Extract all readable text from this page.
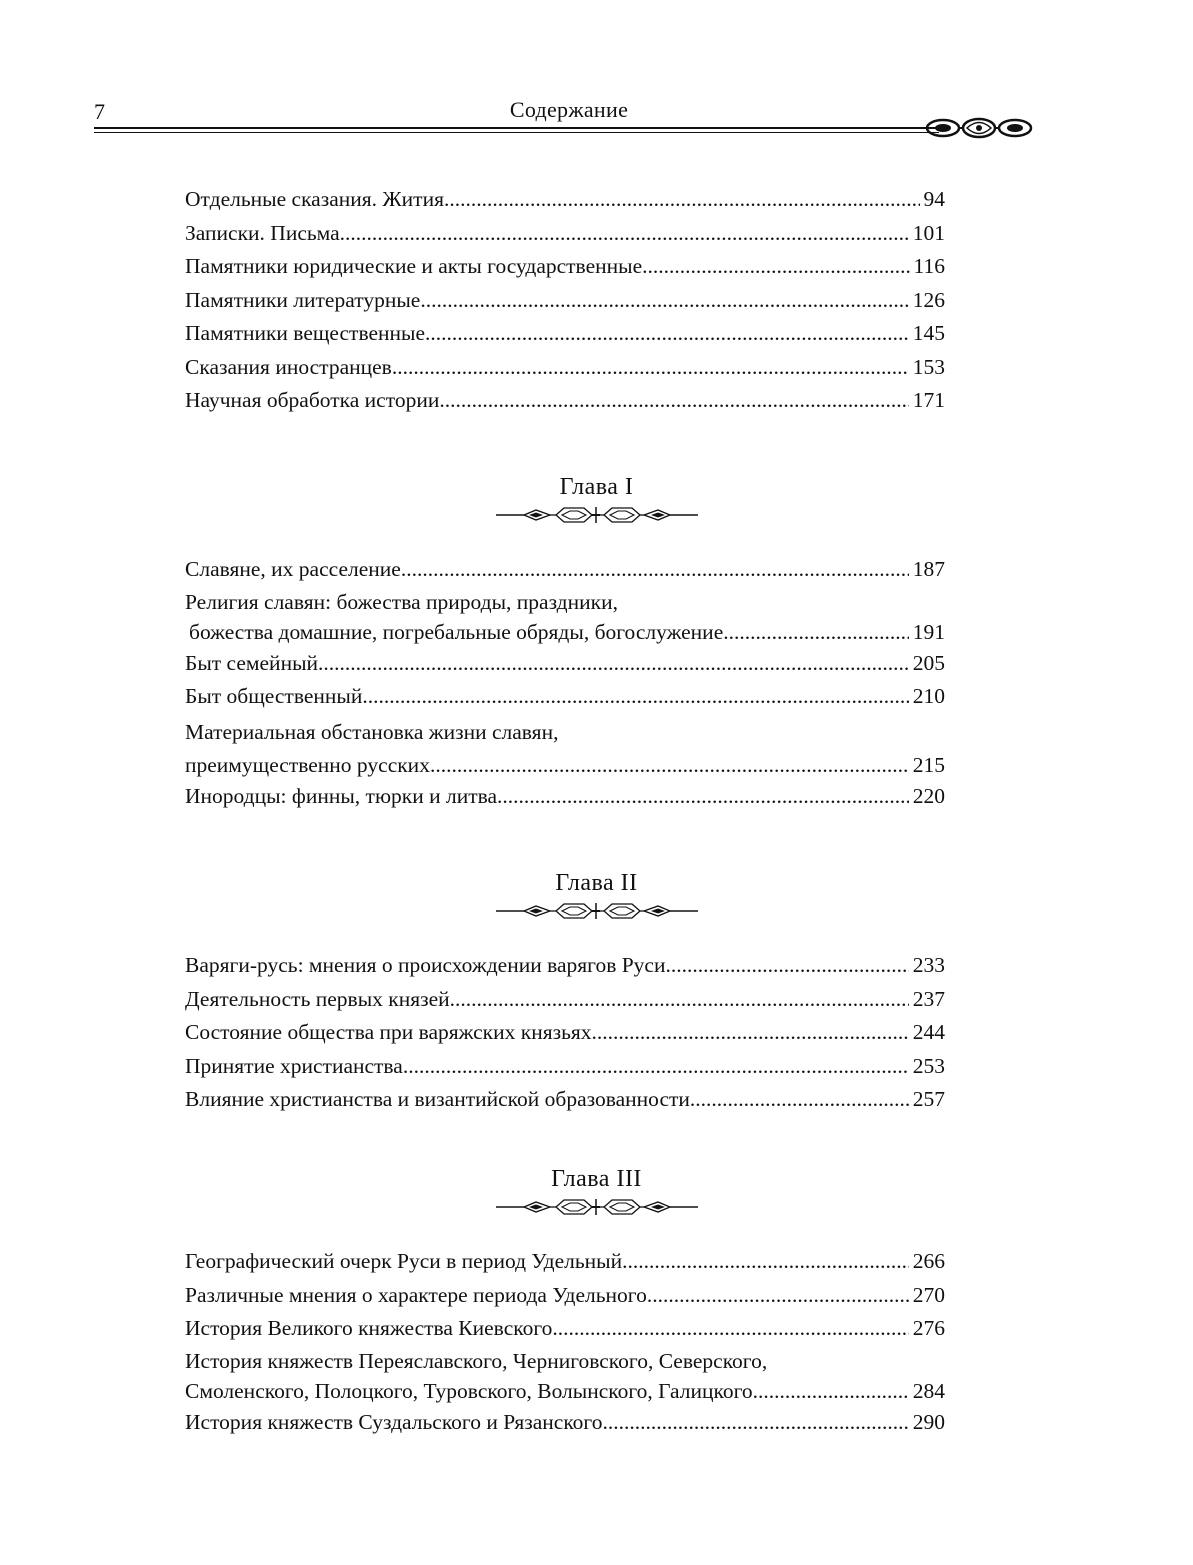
7	Содержание
Отдельные сказания. Жития .....	94
Записки. Письма .....	101
Памятники юридические и акты государственные .....	116
Памятники литературные .....	126
Памятники вещественные .....	145
Сказания иностранцев .....	153
Научная обработка истории .....	171
Глава I
Славяне, их расселение .....	187
Религия славян: божества природы, праздники,
божества домашние, погребальные обряды, богослужение .....	191
Быт семейный .....	205
Быт общественный .....	210
Материальная обстановка жизни славян,
преимущественно русских .....	215
Инородцы: финны, тюрки и литва .....	220
Глава II
Варяги-русь: мнения о происхождении варягов Руси .....	233
Деятельность первых князей .....	237
Состояние общества при варяжских князьях .....	244
Принятие христианства .....	253
Влияние христианства и византийской образованности .....	257
Глава III
Географический очерк Руси в период Удельный .....	266
Различные мнения о характере периода Удельного .....	270
История Великого княжества Киевского .....	276
История княжеств Переяславского, Черниговского, Северского,
Смоленского, Полоцкого, Туровского, Волынского, Галицкого .....	284
История княжеств Суздальского и Рязанского .....	290
